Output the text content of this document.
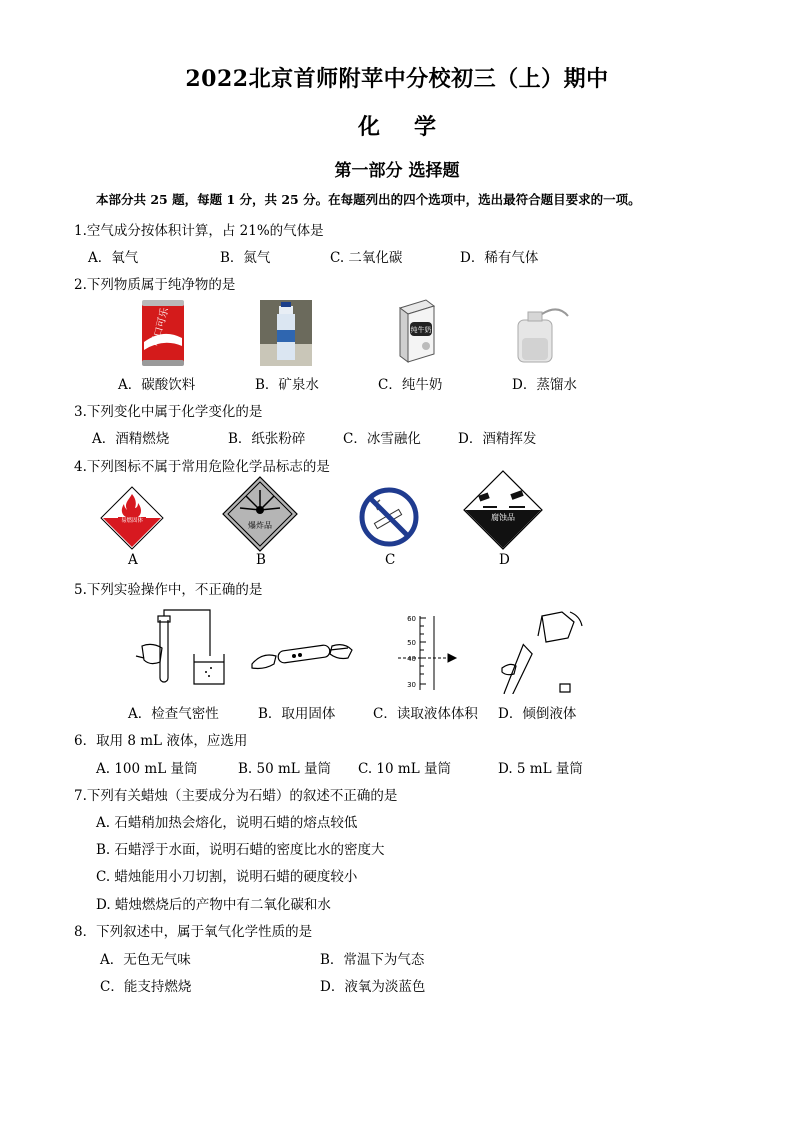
2022北京首师附苹中分校初三（上）期中
化学
第一部分 选择题
本部分共 25 题，每题 1 分，共 25 分。在每题列出的四个选项中，选出最符合题目要求的一项。
1.空气成分按体积计算，占 21%的气体是
A．氧气	B．氮气	C. 二氧化碳	D．稀有气体
2.下列物质属于纯净物的是
可口可乐	纯牛奶
A．碳酸饮料	B．矿泉水	C．纯牛奶	D．蒸馏水
3.下列变化中属于化学变化的是
A．酒精燃烧	B．纸张粉碎	C．冰雪融化	D．酒精挥发
4.下列图标不属于常用危险化学品标志的是
易燃固体	爆炸品
腐蚀品
A	B	C	D
5.下列实验操作中，不正确的是
60
50
40
30
A．检查气密性	B．取用固体	C．读取液体体积 D．倾倒液体
6．取用 8 mL 液体，应选用
A. 100 mL 量筒	B. 50 mL 量筒 C. 10 mL 量筒	D. 5 mL 量筒
7.下列有关蜡烛（主要成分为石蜡）的叙述不正确的是
A. 石蜡稍加热会熔化，说明石蜡的熔点较低
B. 石蜡浮于水面，说明石蜡的密度比水的密度大
C. 蜡烛能用小刀切割，说明石蜡的硬度较小
D. 蜡烛燃烧后的产物中有二氧化碳和水
8．下列叙述中，属于氧气化学性质的是
A．无色无气味	B．常温下为气态
C．能支持燃烧	D．液氧为淡蓝色
